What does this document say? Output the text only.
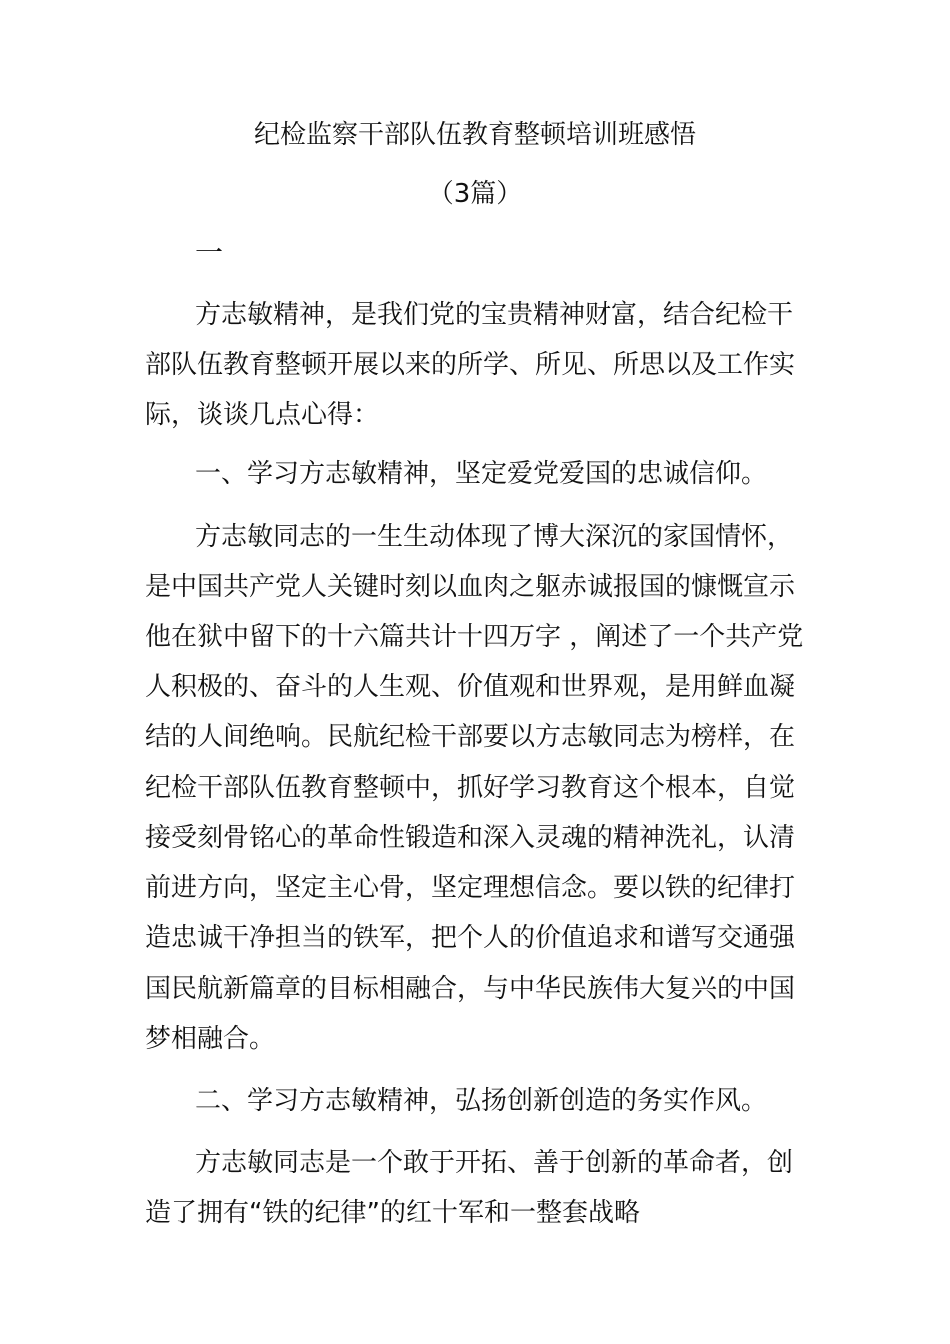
纪检监察干部队伍教育整顿培训班感悟
（3篇）
一
方志敏精神，是我们党的宝贵精神财富，结合纪检干
部队伍教育整顿开展以来的所学、所见、所思以及工作实
际，谈谈几点心得：
一、学习方志敏精神，坚定爱党爱国的忠诚信仰。
方志敏同志的一生生动体现了博大深沉的家国情怀，
是中国共产党人关键时刻以血肉之躯赤诚报国的慷慨宣示
他在狱中留下的十六篇共计十四万字 ，阐述了一个共产党
人积极的、奋斗的人生观、价值观和世界观，是用鲜血凝
结的人间绝响。民航纪检干部要以方志敏同志为榜样，在
纪检干部队伍教育整顿中，抓好学习教育这个根本，自觉
接受刻骨铭心的革命性锻造和深入灵魂的精神洗礼，认清
前进方向，坚定主心骨，坚定理想信念。要以铁的纪律打
造忠诚干净担当的铁军，把个人的价值追求和谱写交通强
国民航新篇章的目标相融合，与中华民族伟大复兴的中国
梦相融合。
二、学习方志敏精神，弘扬创新创造的务实作风。
方志敏同志是一个敢于开拓、善于创新的革命者，创
造了拥有“铁的纪律”的红十军和一整套战略
